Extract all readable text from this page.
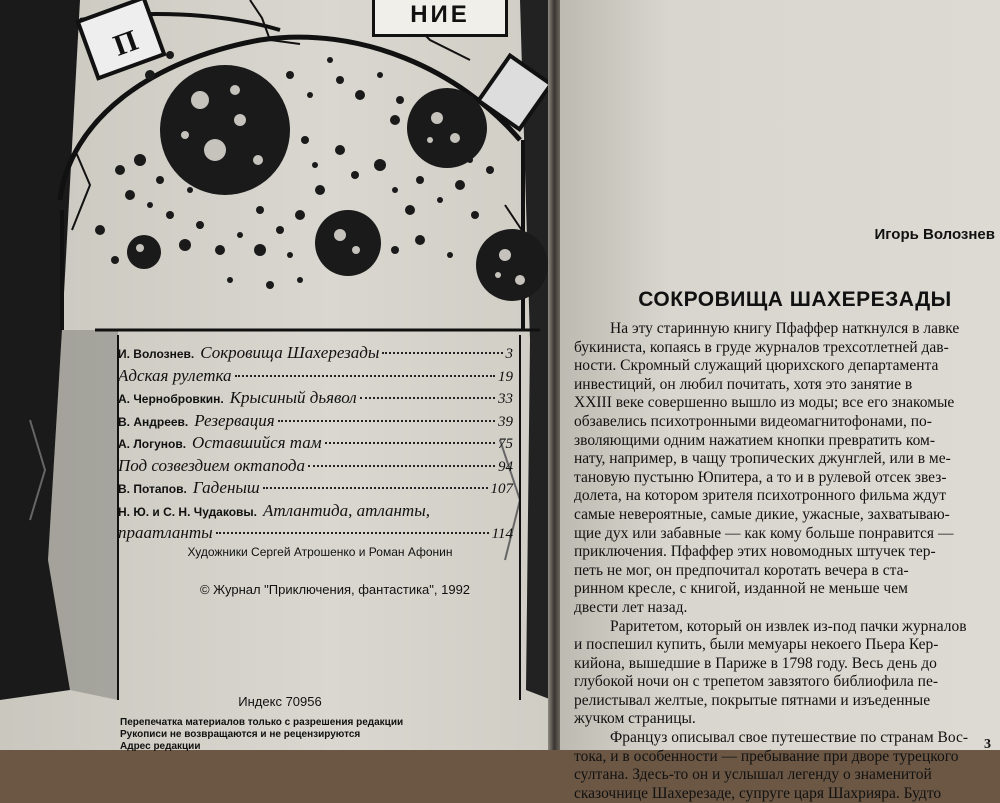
П
НИЕ
И. Волознев. Сокровища Шахерезады	3
Адская рулетка	19
А. Чернобровкин. Крысиный дьявол	33
В. Андреев. Резервация	39
А. Логунов. Оставшийся там	75
Под созвездием октапода	94
В. Потапов. Гаденыш	107
Н. Ю. и С. Н. Чудаковы. Атлантида, атланты,
праатланты	114
Художники Сергей Атрошенко и Роман Афонин
© Журнал "Приключения, фантастика", 1992
Индекс 70956
Перепечатка материалов только с разрешения редакции
Рукописи не возвращаются и не рецензируются
Адрес редакции
Игорь Волознев
СОКРОВИЩА ШАХЕРЕЗАДЫ
На эту старинную книгу Пфаффер наткнулся в лавке
букиниста, копаясь в груде журналов трехсотлетней дав-
ности. Скромный служащий цюрихского департамента
инвестиций, он любил почитать, хотя это занятие в
XXIII веке совершенно вышло из моды; все его знакомые
обзавелись психотронными видеомагнитофонами, по-
зволяющими одним нажатием кнопки превратить ком-
нату, например, в чащу тропических джунглей, или в ме-
тановую пустыню Юпитера, а то и в рулевой отсек звез-
долета, на котором зрителя психотронного фильма ждут
самые невероятные, самые дикие, ужасные, захватываю-
щие дух или забавные — как кому больше понравится —
приключения. Пфаффер этих новомодных штучек тер-
петь не мог, он предпочитал коротать вечера в ста-
ринном кресле, с книгой, изданной не меньше чем
двести лет назад.
Раритетом, который он извлек из-под пачки журналов
и поспешил купить, были мемуары некоего Пьера Кер-
кийона, вышедшие в Париже в 1798 году. Весь день до
глубокой ночи он с трепетом завзятого библиофила пе-
релистывал желтые, покрытые пятнами и изъеденные
жучком страницы.
Француз описывал свое путешествие по странам Вос-
тока, и в особенности — пребывание при дворе турецкого
султана. Здесь-то он и услышал легенду о знаменитой
сказочнице Шахерезаде, супруге царя Шахрияра. Будто
3
